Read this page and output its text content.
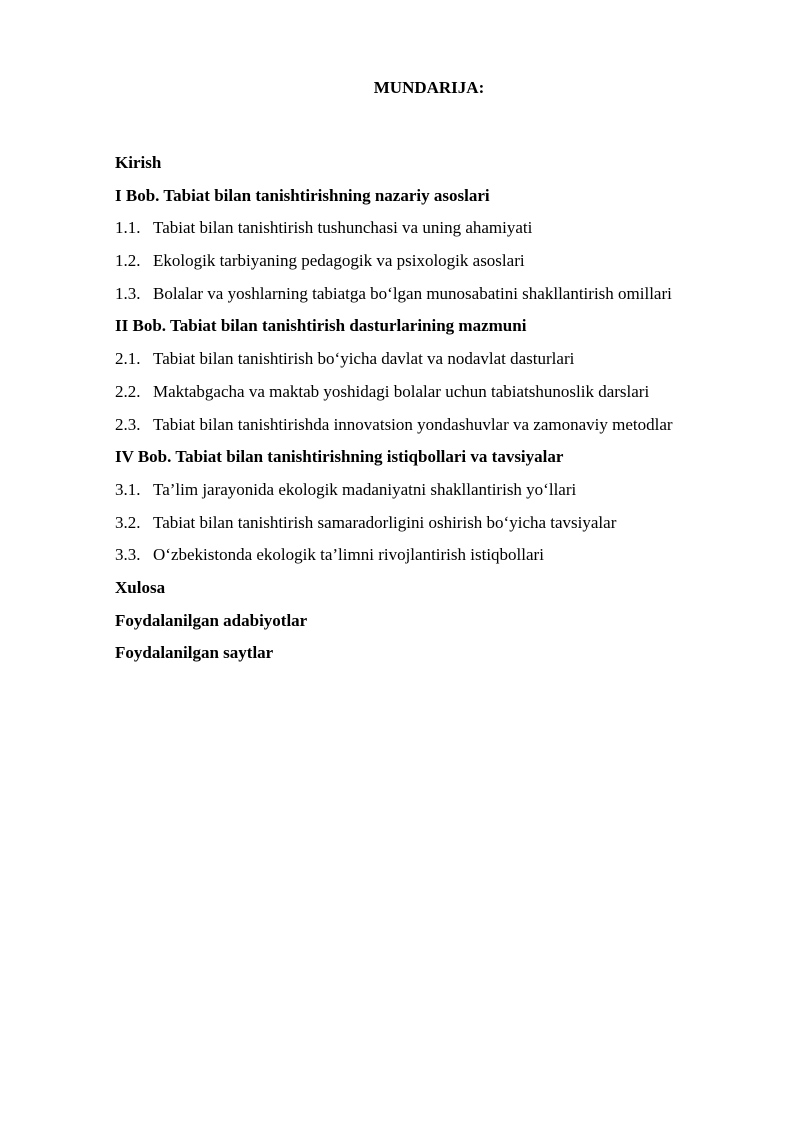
MUNDARIJA:
Kirish
I Bob. Tabiat bilan tanishtirishning nazariy asoslari
1.1. Tabiat bilan tanishtirish tushunchasi va uning ahamiyati
1.2. Ekologik tarbiyaning pedagogik va psixologik asoslari
1.3. Bolalar va yoshlarning tabiatga bo‘lgan munosabatini shakllantirish omillari
II Bob. Tabiat bilan tanishtirish dasturlarining mazmuni
2.1. Tabiat bilan tanishtirish bo‘yicha davlat va nodavlat dasturlari
2.2. Maktabgacha va maktab yoshidagi bolalar uchun tabiatshunoslik darslari
2.3. Tabiat bilan tanishtirishda innovatsion yondashuvlar va zamonaviy metodlar
IV Bob. Tabiat bilan tanishtirishning istiqbollari va tavsiyalar
3.1. Ta’lim jarayonida ekologik madaniyatni shakllantirish yo‘llari
3.2. Tabiat bilan tanishtirish samaradorligini oshirish bo‘yicha tavsiyalar
3.3. O‘zbekistonda ekologik ta’limni rivojlantirish istiqbollari
Xulosa
Foydalanilgan adabiyotlar
Foydalanilgan saytlar
